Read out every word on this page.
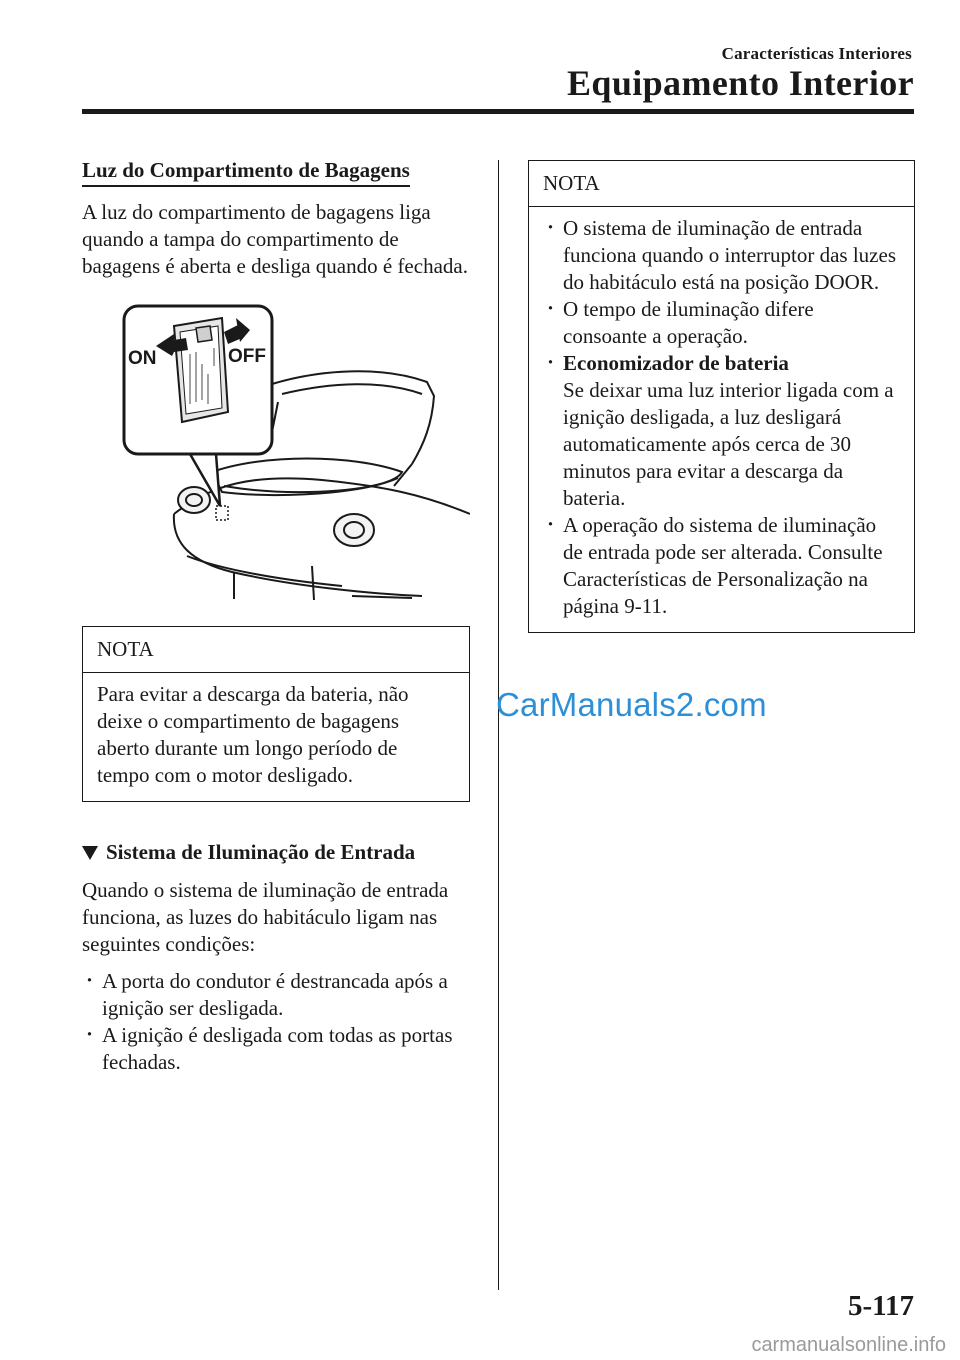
Características Interiores
Equipamento Interior
Luz do Compartimento de Bagagens

A luz do compartimento de bagagens liga quando a tampa do compartimento de bagagens é aberta e desliga quando é fechada.

ON	OFF

NOTA

Para evitar a descarga da bateria, não deixe o compartimento de bagagens aberto durante um longo período de tempo com o motor desligado.

Sistema de Iluminação de Entrada

Quando o sistema de iluminação de entrada funciona, as luzes do habitáculo ligam nas seguintes condições:

· A porta do condutor é destrancada após a ignição ser desligada.
· A ignição é desligada com todas as portas fechadas.

NOTA

· O sistema de iluminação de entrada funciona quando o interruptor das luzes do habitáculo está na posição DOOR.
· O tempo de iluminação difere consoante a operação.
· Economizador de bateria
Se deixar uma luz interior ligada com a ignição desligada, a luz desligará automaticamente após cerca de 30 minutos para evitar a descarga da bateria.
· A operação do sistema de iluminação de entrada pode ser alterada. Consulte Características de Personalização na página 9-11.
CarManuals2.com
5-117
carmanualsonline.info
